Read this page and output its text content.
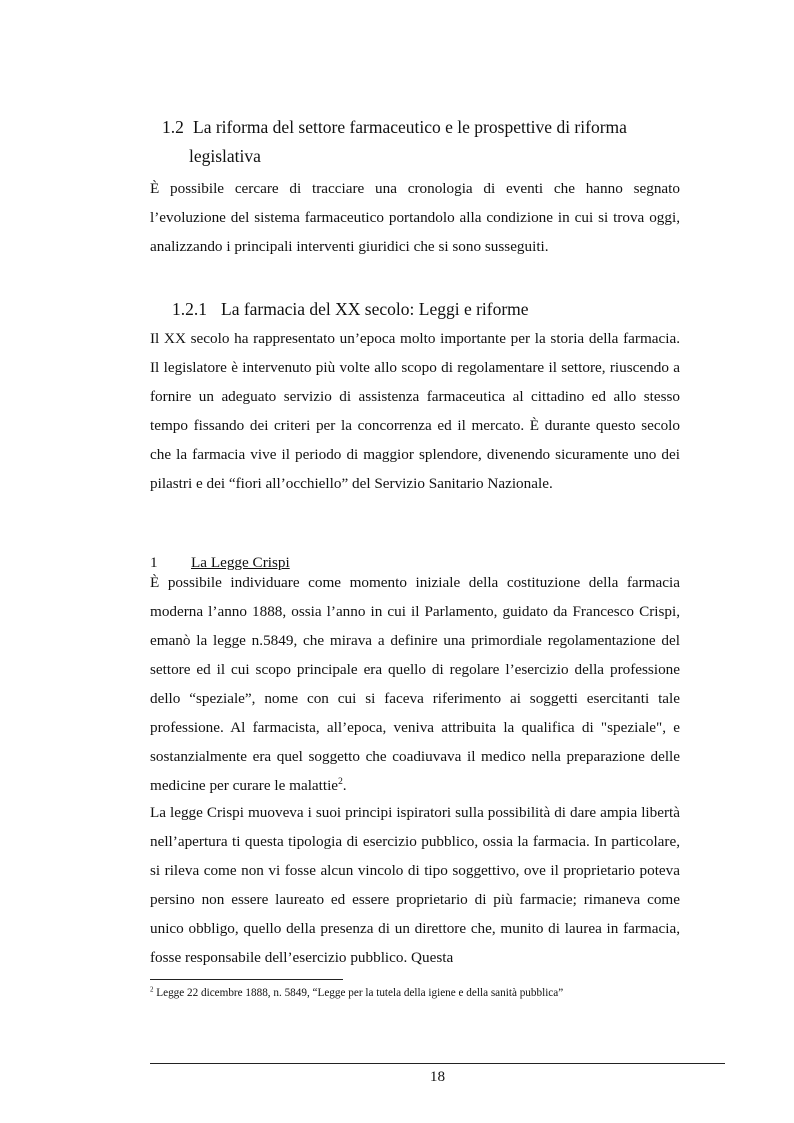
1.2 La riforma del settore farmaceutico e le prospettive di riforma
legislativa
È possibile cercare di tracciare una cronologia di eventi che hanno segnato l’evoluzione del sistema farmaceutico portandolo alla condizione in cui si trova oggi, analizzando i principali interventi giuridici che si sono susseguiti.
1.2.1 La farmacia del XX secolo: Leggi e riforme
Il XX secolo ha rappresentato un’epoca molto importante per la storia della farmacia. Il legislatore è intervenuto più volte allo scopo di regolamentare il settore, riuscendo a fornire un adeguato servizio di assistenza farmaceutica al cittadino ed allo stesso tempo fissando dei criteri per la concorrenza ed il mercato. È durante questo secolo che la farmacia vive il periodo di maggior splendore, divenendo sicuramente uno dei pilastri e dei “fiori all’occhiello” del Servizio Sanitario Nazionale.
1 La Legge Crispi
È possibile individuare come momento iniziale della costituzione della farmacia moderna l’anno 1888, ossia l’anno in cui il Parlamento, guidato da Francesco Crispi, emanò la legge n.5849, che mirava a definire una primordiale regolamentazione del settore ed il cui scopo principale era quello di regolare l’esercizio della professione dello “speziale”, nome con cui si faceva riferimento ai soggetti esercitanti tale professione. Al farmacista, all’epoca, veniva attribuita la qualifica di "speziale", e sostanzialmente era quel soggetto che coadiuvava il medico nella preparazione delle medicine per curare le malattie$^2$.
La legge Crispi muoveva i suoi principi ispiratori sulla possibilità di dare ampia libertà nell’apertura ti questa tipologia di esercizio pubblico, ossia la farmacia. In particolare, si rileva come non vi fosse alcun vincolo di tipo soggettivo, ove il proprietario poteva persino non essere laureato ed essere proprietario di più farmacie; rimaneva come unico obbligo, quello della presenza di un direttore che, munito di laurea in farmacia, fosse responsabile dell’esercizio pubblico. Questa
$^2$ Legge 22 dicembre 1888, n. 5849, “Legge per la tutela della igiene e della sanità pubblica”
18
